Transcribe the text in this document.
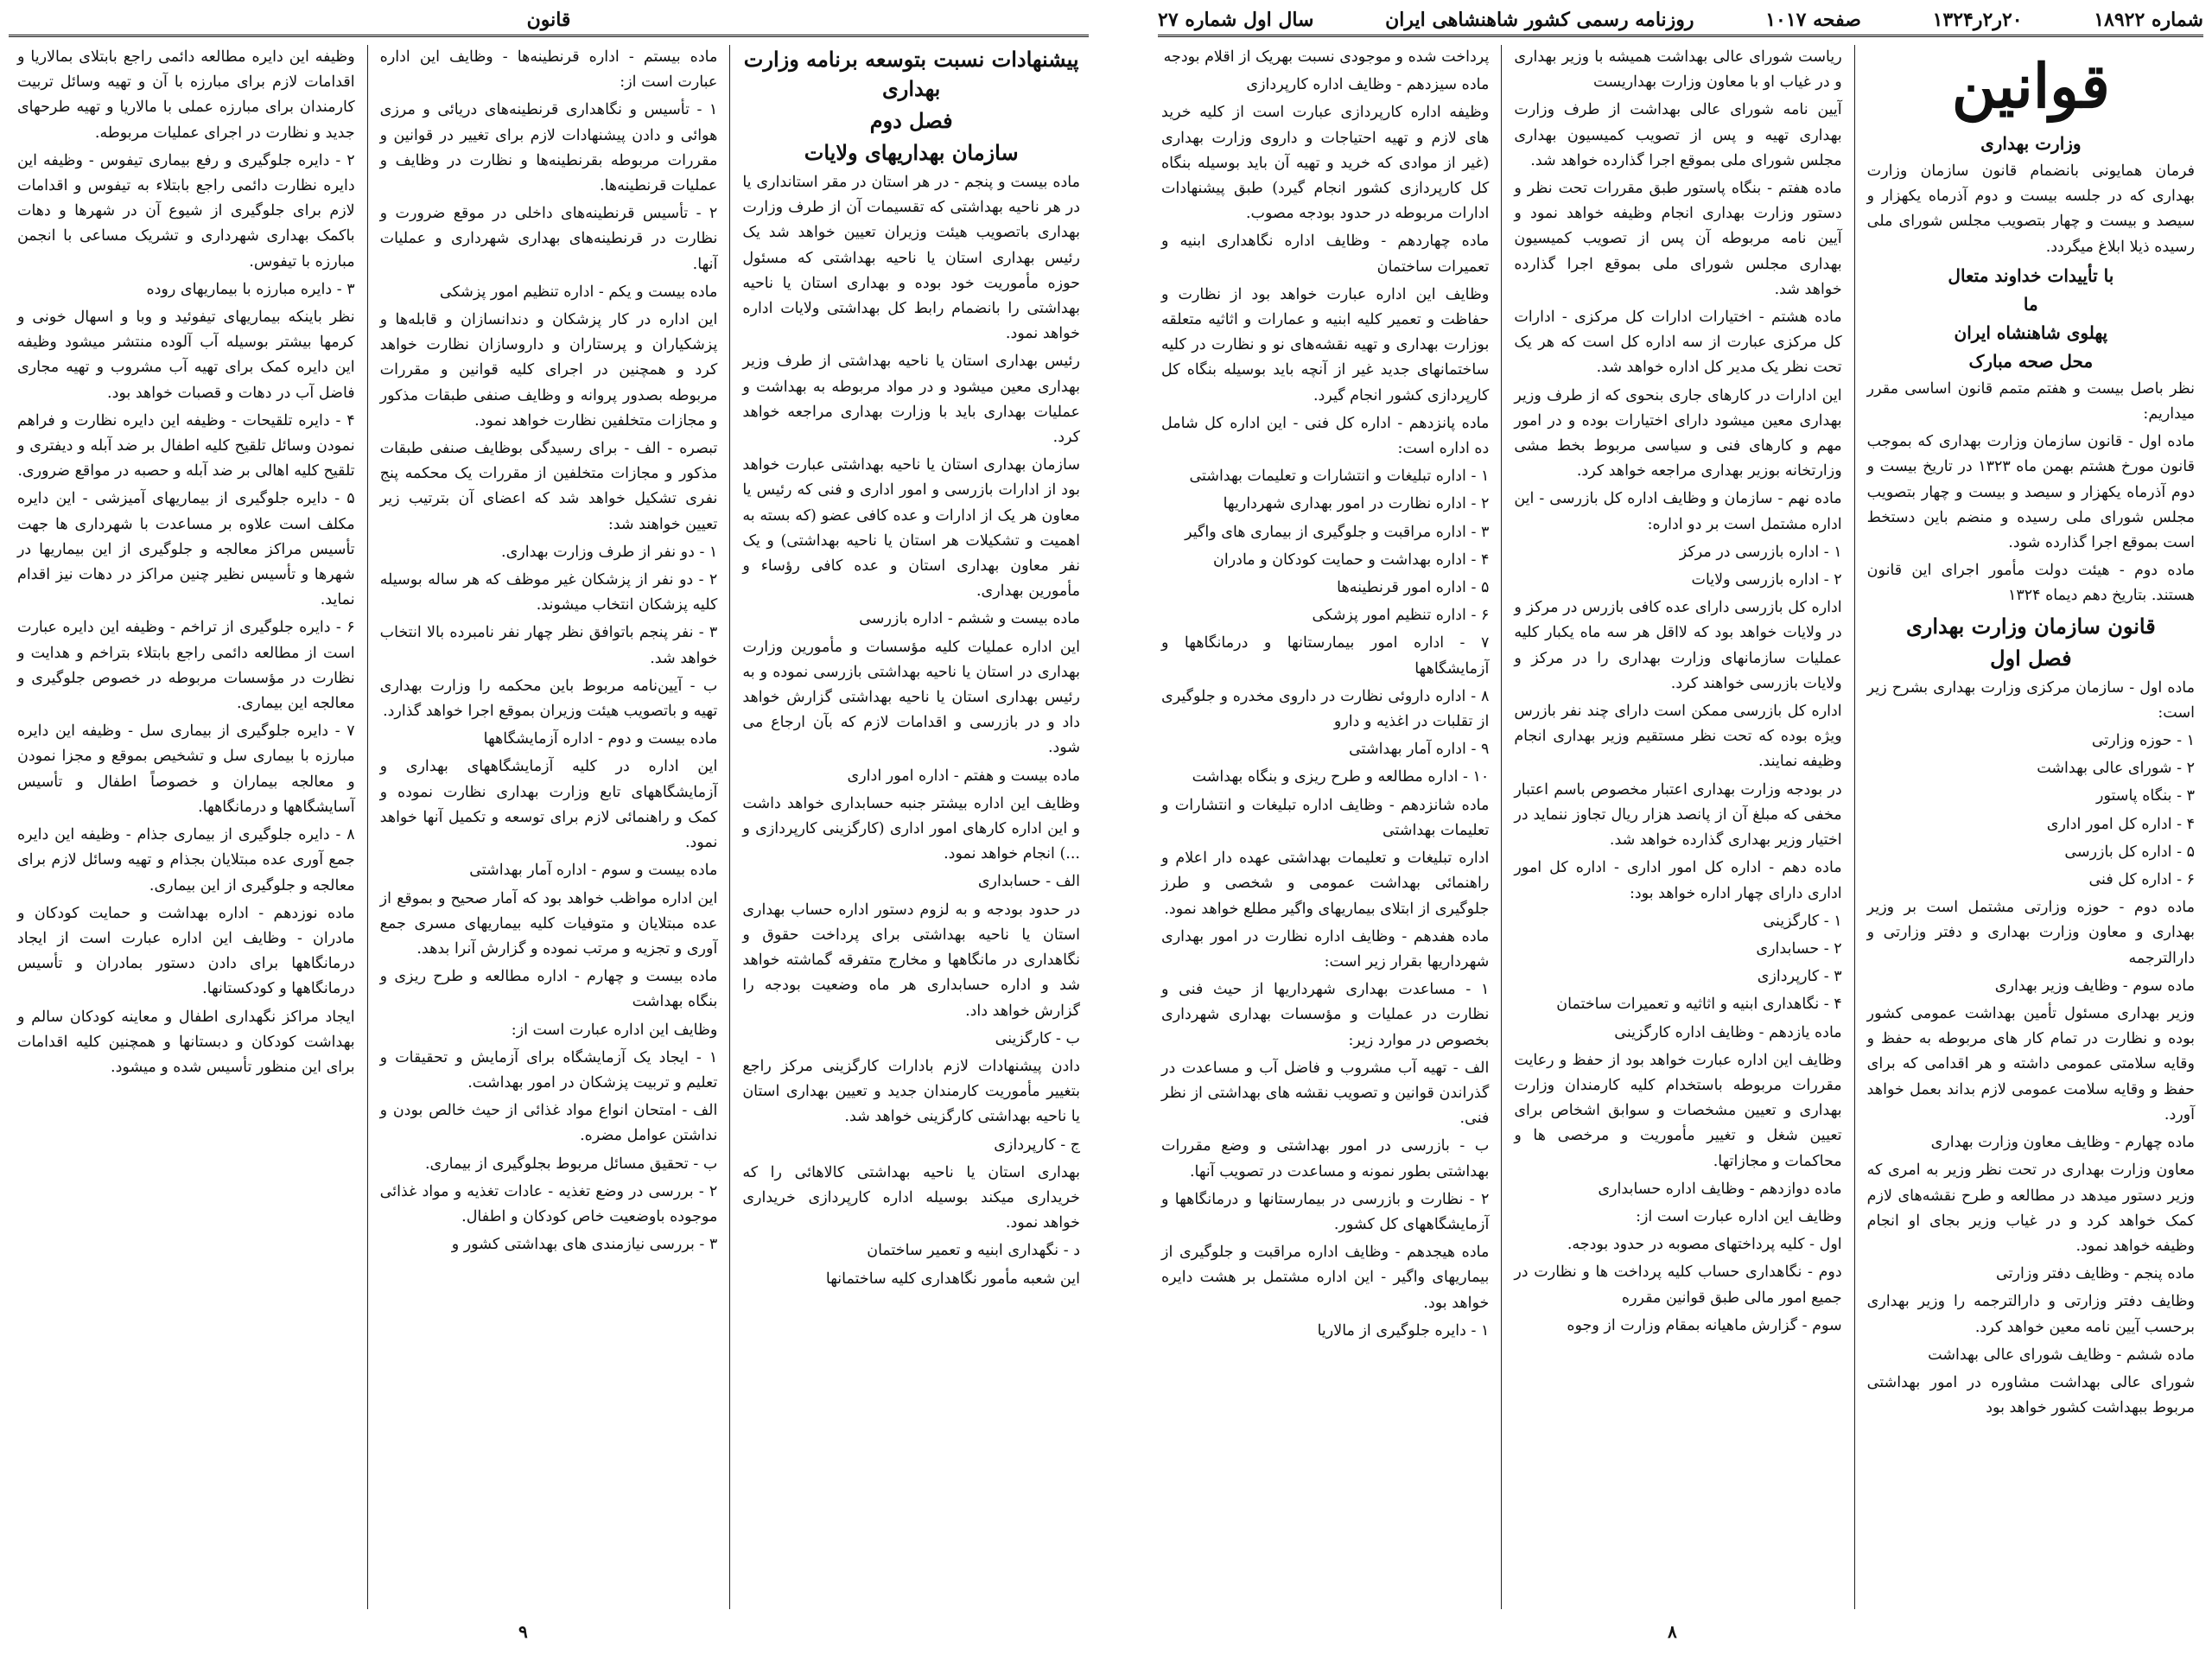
قانون

پیشنهادات نسبت بتوسعه برنامه وزارت بهداری

فصل دوم

سازمان بهداریهای ولایات

ماده بیست و پنجم - در هر استان در مقر استانداری یا در هر ناحیه بهداشتی که تقسیمات آن از طرف وزارت بهداری باتصویب هیئت وزیران تعیین خواهد شد یک رئیس بهداری استان یا ناحیه بهداشتی که مسئول حوزه مأموریت خود بوده و بهداری استان یا ناحیه بهداشتی را بانضمام رابط کل بهداشتی ولایات اداره خواهد نمود.

رئیس بهداری استان یا ناحیه بهداشتی از طرف وزیر بهداری معین میشود و در مواد مربوطه به بهداشت و عملیات بهداری باید با وزارت بهداری مراجعه خواهد کرد.

سازمان بهداری استان یا ناحیه بهداشتی عبارت خواهد بود از ادارات بازرسی و امور اداری و فنی که رئیس یا معاون هر یک از ادارات و عده کافی عضو (که بسته به اهمیت و تشکیلات هر استان یا ناحیه بهداشتی) و یک نفر معاون بهداری استان و عده کافی رؤساء و مأمورین بهداری.

ماده بیست و ششم - اداره بازرسی

این اداره عملیات کلیه مؤسسات و مأمورین وزارت بهداری در استان یا ناحیه بهداشتی بازرسی نموده و به رئیس بهداری استان یا ناحیه بهداشتی گزارش خواهد داد و در بازرسی و اقدامات لازم که بآن ارجاع می شود.

ماده بیست و هفتم - اداره امور اداری

وظایف این اداره بیشتر جنبه حسابداری خواهد داشت و این اداره کارهای امور اداری (کارگزینی کارپردازی و ...) انجام خواهد نمود.

الف - حسابداری

در حدود بودجه و به لزوم دستور اداره حساب بهداری استان یا ناحیه بهداشتی برای پرداخت حقوق و نگاهداری در مانگاهها و مخارج متفرقه گماشته خواهد شد و اداره حسابداری هر ماه وضعیت بودجه را گزارش خواهد داد.

ب - کارگزینی

دادن پیشنهادات لازم بادارات کارگزینی مرکز راجع بتغییر مأموریت کارمندان جدید و تعیین بهداری استان یا ناحیه بهداشتی کارگزینی خواهد شد.

ج - کارپردازی

بهداری استان یا ناحیه بهداشتی کالاهائی را که خریداری میکند بوسیله اداره کارپردازی خریداری خواهد نمود.

د - نگهداری ابنیه و تعمیر ساختمان

این شعبه مأمور نگاهداری کلیه ساختمانها

ماده بیستم - اداره قرنطینه‌ها - وظایف این اداره عبارت است از:

۱ - تأسیس و نگاهداری قرنطینه‌های دریائی و مرزی هوائی و دادن پیشنهادات لازم برای تغییر در قوانین و مقررات مربوطه بقرنطینه‌ها و نظارت در وظایف و عملیات قرنطینه‌ها.

۲ - تأسیس قرنطینه‌های داخلی در موقع ضرورت و نظارت در قرنطینه‌های بهداری شهرداری و عملیات آنها.

ماده بیست و یکم - اداره تنظیم امور پزشکی

این اداره در کار پزشکان و دندانسازان و قابله‌ها و پزشکیاران و پرستاران و داروسازان نظارت خواهد کرد و همچنین در اجرای کلیه قوانین و مقررات مربوطه بصدور پروانه و وظایف صنفی طبقات مذکور و مجازات متخلفین نظارت خواهد نمود.

تبصره - الف - برای رسیدگی بوظایف صنفی طبقات مذکور و مجازات متخلفین از مقررات یک محکمه پنج نفری تشکیل خواهد شد که اعضای آن بترتیب زیر تعیین خواهند شد:

۱ - دو نفر از طرف وزارت بهداری.

۲ - دو نفر از پزشکان غیر موظف که هر ساله بوسیله کلیه پزشکان انتخاب میشوند.

۳ - نفر پنجم باتوافق نظر چهار نفر نامبرده بالا انتخاب خواهد شد.

ب - آیین‌نامه مربوط باین محکمه را وزارت بهداری تهیه و باتصویب هیئت وزیران بموقع اجرا خواهد گذارد.

ماده بیست و دوم - اداره آزمایشگاهها

این اداره در کلیه آزمایشگاههای بهداری و آزمایشگاههای تابع وزارت بهداری نظارت نموده و کمک و راهنمائی لازم برای توسعه و تکمیل آنها خواهد نمود.

ماده بیست و سوم - اداره آمار بهداشتی

این اداره مواظب خواهد بود که آمار صحیح و بموقع از عده مبتلایان و متوفیات کلیه بیماریهای مسری جمع آوری و تجزیه و مرتب نموده و گزارش آنرا بدهد.

ماده بیست و چهارم - اداره مطالعه و طرح ریزی و بنگاه بهداشت

وظایف این اداره عبارت است از:

۱ - ایجاد یک آزمایشگاه برای آزمایش و تحقیقات و تعلیم و تربیت پزشکان در امور بهداشت.

الف - امتحان انواع مواد غذائی از حیث خالص بودن و نداشتن عوامل مضره.

ب - تحقیق مسائل مربوط بجلوگیری از بیماری.

۲ - بررسی در وضع تغذیه - عادات تغذیه و مواد غذائی موجوده باوضعیت خاص کودکان و اطفال.

۳ - بررسی نیازمندی های بهداشتی کشور و

وظیفه این دایره مطالعه دائمی راجع بابتلای بمالاریا و اقدامات لازم برای مبارزه با آن و تهیه وسائل تربیت کارمندان برای مبارزه عملی با مالاریا و تهیه طرحهای جدید و نظارت در اجرای عملیات مربوطه.

۲ - دایره جلوگیری و رفع بیماری تیفوس - وظیفه این دایره نظارت دائمی راجع بابتلاء به تیفوس و اقدامات لازم برای جلوگیری از شیوع آن در شهرها و دهات باکمک بهداری شهرداری و تشریک مساعی با انجمن مبارزه با تیفوس.

۳ - دایره مبارزه با بیماریهای روده

نظر باینکه بیماریهای تیفوئید و وبا و اسهال خونی و کرمها بیشتر بوسیله آب آلوده منتشر میشود وظیفه این دایره کمک برای تهیه آب مشروب و تهیه مجاری فاضل آب در دهات و قصبات خواهد بود.

۴ - دایره تلقیحات - وظیفه این دایره نظارت و فراهم نمودن وسائل تلقیح کلیه اطفال بر ضد آبله و دیفتری و تلقیح کلیه اهالی بر ضد آبله و حصبه در مواقع ضروری.

۵ - دایره جلوگیری از بیماریهای آمیزشی - این دایره مکلف است علاوه بر مساعدت با شهرداری ها جهت تأسیس مراکز معالجه و جلوگیری از این بیماریها در شهرها و تأسیس نظیر چنین مراکز در دهات نیز اقدام نماید.

۶ - دایره جلوگیری از تراخم - وظیفه این دایره عبارت است از مطالعه دائمی راجع بابتلاء بتراخم و هدایت و نظارت در مؤسسات مربوطه در خصوص جلوگیری و معالجه این بیماری.

۷ - دایره جلوگیری از بیماری سل - وظیفه این دایره مبارزه با بیماری سل و تشخیص بموقع و مجزا نمودن و معالجه بیماران و خصوصاً اطفال و تأسیس آسایشگاهها و درمانگاهها.

۸ - دایره جلوگیری از بیماری جذام - وظیفه این دایره جمع آوری عده مبتلایان بجذام و تهیه وسائل لازم برای معالجه و جلوگیری از این بیماری.

ماده نوزدهم - اداره بهداشت و حمایت کودکان و مادران - وظایف این اداره عبارت است از ایجاد درمانگاهها برای دادن دستور بمادران و تأسیس درمانگاهها و کودکستانها.

ایجاد مراکز نگهداری اطفال و معاینه کودکان سالم و بهداشت کودکان و دبستانها و همچنین کلیه اقدامات برای این منظور تأسیس شده و میشود.

۹
شماره ۱۸۹۲۲
۲۰ر۲ر۱۳۲۴
صفحه ۱۰۱۷
روزنامه رسمی کشور شاهنشاهی ایران
سال اول شماره ۲۷

قوانین

وزارت بهداری

فرمان همایونی بانضمام قانون سازمان وزارت بهداری که در جلسه بیست و دوم آذرماه یکهزار و سیصد و بیست و چهار بتصویب مجلس شورای ملی رسیده ذیلا ابلاغ میگردد.

با تأییدات خداوند متعال

ما

پهلوی شاهنشاه ایران

محل صحه مبارک

نظر باصل بیست و هفتم متمم قانون اساسی مقرر میداریم:

ماده اول - قانون سازمان وزارت بهداری که بموجب قانون مورخ هشتم بهمن ماه ۱۳۲۳ در تاریخ بیست و دوم آذرماه یکهزار و سیصد و بیست و چهار بتصویب مجلس شورای ملی رسیده و منضم باین دستخط است بموقع اجرا گذارده شود.

ماده دوم - هیئت دولت مأمور اجرای این قانون هستند. بتاریخ دهم دیماه ۱۳۲۴

قانون سازمان وزارت بهداری

فصل اول

ماده اول - سازمان مرکزی وزارت بهداری بشرح زیر است:

۱ - حوزه وزارتی

۲ - شورای عالی بهداشت

۳ - بنگاه پاستور

۴ - اداره کل امور اداری

۵ - اداره کل بازرسی

۶ - اداره کل فنی

ماده دوم - حوزه وزارتی مشتمل است بر وزیر بهداری و معاون وزارت بهداری و دفتر وزارتی و دارالترجمه

ماده سوم - وظایف وزیر بهداری

وزیر بهداری مسئول تأمین بهداشت عمومی کشور بوده و نظارت در تمام کار های مربوطه به حفظ و وقایه سلامتی عمومی داشته و هر اقدامی که برای حفظ و وقایه سلامت عمومی لازم بداند بعمل خواهد آورد.

ماده چهارم - وظایف معاون وزارت بهداری

معاون وزارت بهداری در تحت نظر وزیر به امری که وزیر دستور میدهد در مطالعه و طرح نقشه‌های لازم کمک خواهد کرد و در غیاب وزیر بجای او انجام وظیفه خواهد نمود.

ماده پنجم - وظایف دفتر وزارتی

وظایف دفتر وزارتی و دارالترجمه را وزیر بهداری برحسب آیین نامه معین خواهد کرد.

ماده ششم - وظایف شورای عالی بهداشت

شورای عالی بهداشت مشاوره در امور بهداشتی مربوط ببهداشت کشور خواهد بود

ریاست شورای عالی بهداشت همیشه با وزیر بهداری و در غیاب او با معاون وزارت بهداریست

آیین نامه شورای عالی بهداشت از طرف وزارت بهداری تهیه و پس از تصویب کمیسیون بهداری مجلس شورای ملی بموقع اجرا گذارده خواهد شد.

ماده هفتم - بنگاه پاستور طبق مقررات تحت نظر و دستور وزارت بهداری انجام وظیفه خواهد نمود و آیین نامه مربوطه آن پس از تصویب کمیسیون بهداری مجلس شورای ملی بموقع اجرا گذارده خواهد شد.

ماده هشتم - اختیارات ادارات کل مرکزی - ادارات کل مرکزی عبارت از سه اداره کل است که هر یک تحت نظر یک مدیر کل اداره خواهد شد.

این ادارات در کارهای جاری بنحوی که از طرف وزیر بهداری معین میشود دارای اختیارات بوده و در امور مهم و کارهای فنی و سیاسی مربوط بخط مشی وزارتخانه بوزیر بهداری مراجعه خواهد کرد.

ماده نهم - سازمان و وظایف اداره کل بازرسی - این اداره مشتمل است بر دو اداره:

۱ - اداره بازرسی در مرکز

۲ - اداره بازرسی ولایات

اداره کل بازرسی دارای عده کافی بازرس در مرکز و در ولایات خواهد بود که لااقل هر سه ماه یکبار کلیه عملیات سازمانهای وزارت بهداری را در مرکز و ولایات بازرسی خواهند کرد.

اداره کل بازرسی ممکن است دارای چند نفر بازرس ویژه بوده که تحت نظر مستقیم وزیر بهداری انجام وظیفه نمایند.

در بودجه وزارت بهداری اعتبار مخصوص باسم اعتبار مخفی که مبلغ آن از پانصد هزار ریال تجاوز ننماید در اختیار وزیر بهداری گذارده خواهد شد.

ماده دهم - اداره کل امور اداری - اداره کل امور اداری دارای چهار اداره خواهد بود:

۱ - کارگزینی

۲ - حسابداری

۳ - کارپردازی

۴ - نگاهداری ابنیه و اثاثیه و تعمیرات ساختمان

ماده یازدهم - وظایف اداره کارگزینی

وظایف این اداره عبارت خواهد بود از حفظ و رعایت مقررات مربوطه باستخدام کلیه کارمندان وزارت بهداری و تعیین مشخصات و سوابق اشخاص برای تعیین شغل و تغییر مأموریت و مرخصی ها و محاکمات و مجازاتها.

ماده دوازدهم - وظایف اداره حسابداری

وظایف این اداره عبارت است از:

اول - کلیه پرداختهای مصوبه در حدود بودجه.

دوم - نگاهداری حساب کلیه پرداخت ها و نظارت در جمیع امور مالی طبق قوانین مقرره

سوم - گزارش ماهیانه بمقام وزارت از وجوه

پرداخت شده و موجودی نسبت بهریک از اقلام بودجه

ماده سیزدهم - وظایف اداره کارپردازی

وظیفه اداره کارپردازی عبارت است از کلیه خرید های لازم و تهیه احتیاجات و داروی وزارت بهداری (غیر از موادی که خرید و تهیه آن باید بوسیله بنگاه کل کارپردازی کشور انجام گیرد) طبق پیشنهادات ادارات مربوطه در حدود بودجه مصوب.

ماده چهاردهم - وظایف اداره نگاهداری ابنیه و تعمیرات ساختمان

وظایف این اداره عبارت خواهد بود از نظارت و حفاظت و تعمیر کلیه ابنیه و عمارات و اثاثیه متعلقه بوزارت بهداری و تهیه نقشه‌های نو و نظارت در کلیه ساختمانهای جدید غیر از آنچه باید بوسیله بنگاه کل کارپردازی کشور انجام گیرد.

ماده پانزدهم - اداره کل فنی - این اداره کل شامل ده اداره است:

۱ - اداره تبلیغات و انتشارات و تعلیمات بهداشتی

۲ - اداره نظارت در امور بهداری شهرداریها

۳ - اداره مراقبت و جلوگیری از بیماری های واگیر

۴ - اداره بهداشت و حمایت کودکان و مادران

۵ - اداره امور قرنطینه‌ها

۶ - اداره تنظیم امور پزشکی

۷ - اداره امور بیمارستانها و درمانگاهها و آزمایشگاهها

۸ - اداره داروئی نظارت در داروی مخدره و جلوگیری از تقلبات در اغذیه و دارو

۹ - اداره آمار بهداشتی

۱۰ - اداره مطالعه و طرح ریزی و بنگاه بهداشت

ماده شانزدهم - وظایف اداره تبلیغات و انتشارات و تعلیمات بهداشتی

اداره تبلیغات و تعلیمات بهداشتی عهده دار اعلام و راهنمائی بهداشت عمومی و شخصی و طرز جلوگیری از ابتلای بیماریهای واگیر مطلع خواهد نمود.

ماده هفدهم - وظایف اداره نظارت در امور بهداری شهرداریها بقرار زیر است:

۱ - مساعدت بهداری شهرداریها از حیث فنی و نظارت در عملیات و مؤسسات بهداری شهرداری بخصوص در موارد زیر:

الف - تهیه آب مشروب و فاضل آب و مساعدت در گذراندن قوانین و تصویب نقشه های بهداشتی از نظر فنی.

ب - بازرسی در امور بهداشتی و وضع مقررات بهداشتی بطور نمونه و مساعدت در تصویب آنها.

۲ - نظارت و بازرسی در بیمارستانها و درمانگاهها و آزمایشگاههای کل کشور.

ماده هیجدهم - وظایف اداره مراقبت و جلوگیری از بیماریهای واگیر - این اداره مشتمل بر هشت دایره خواهد بود.

۱ - دایره جلوگیری از مالاریا

۸
